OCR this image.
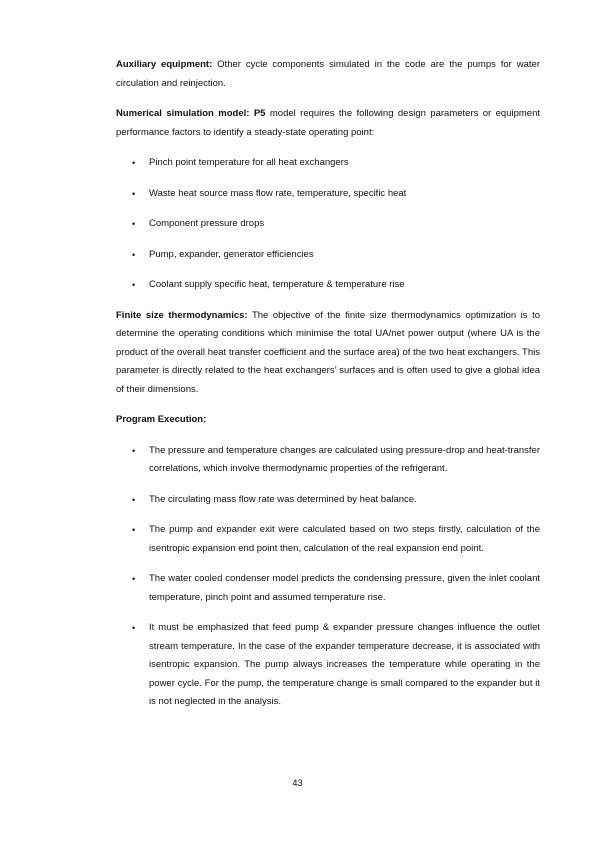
Auxiliary equipment: Other cycle components simulated in the code are the pumps for water circulation and reinjection.

Numerical simulation model: P5 model requires the following design parameters or equipment performance factors to identify a steady-state operating point:

• Pinch point temperature for all heat exchangers
• Waste heat source mass flow rate, temperature, specific heat
• Component pressure drops
• Pump, expander, generator efficiencies
• Coolant supply specific heat, temperature & temperature rise

Finite size thermodynamics: The objective of the finite size thermodynamics optimization is to determine the operating conditions which minimise the total UA/net power output (where UA is the product of the overall heat transfer coefficient and the surface area) of the two heat exchangers. This parameter is directly related to the heat exchangers’ surfaces and is often used to give a global idea of their dimensions.

Program Execution:

• The pressure and temperature changes are calculated using pressure-drop and heat-transfer correlations, which involve thermodynamic properties of the refrigerant.
• The circulating mass flow rate was determined by heat balance.
• The pump and expander exit were calculated based on two steps firstly, calculation of the isentropic expansion end point then, calculation of the real expansion end point.
• The water cooled condenser model predicts the condensing pressure, given the inlet coolant temperature, pinch point and assumed temperature rise.
• It must be emphasized that feed pump & expander pressure changes influence the outlet stream temperature. In the case of the expander temperature decrease, it is associated with isentropic expansion. The pump always increases the temperature while operating in the power cycle. For the pump, the temperature change is small compared to the expander but it is not neglected in the analysis.
43
